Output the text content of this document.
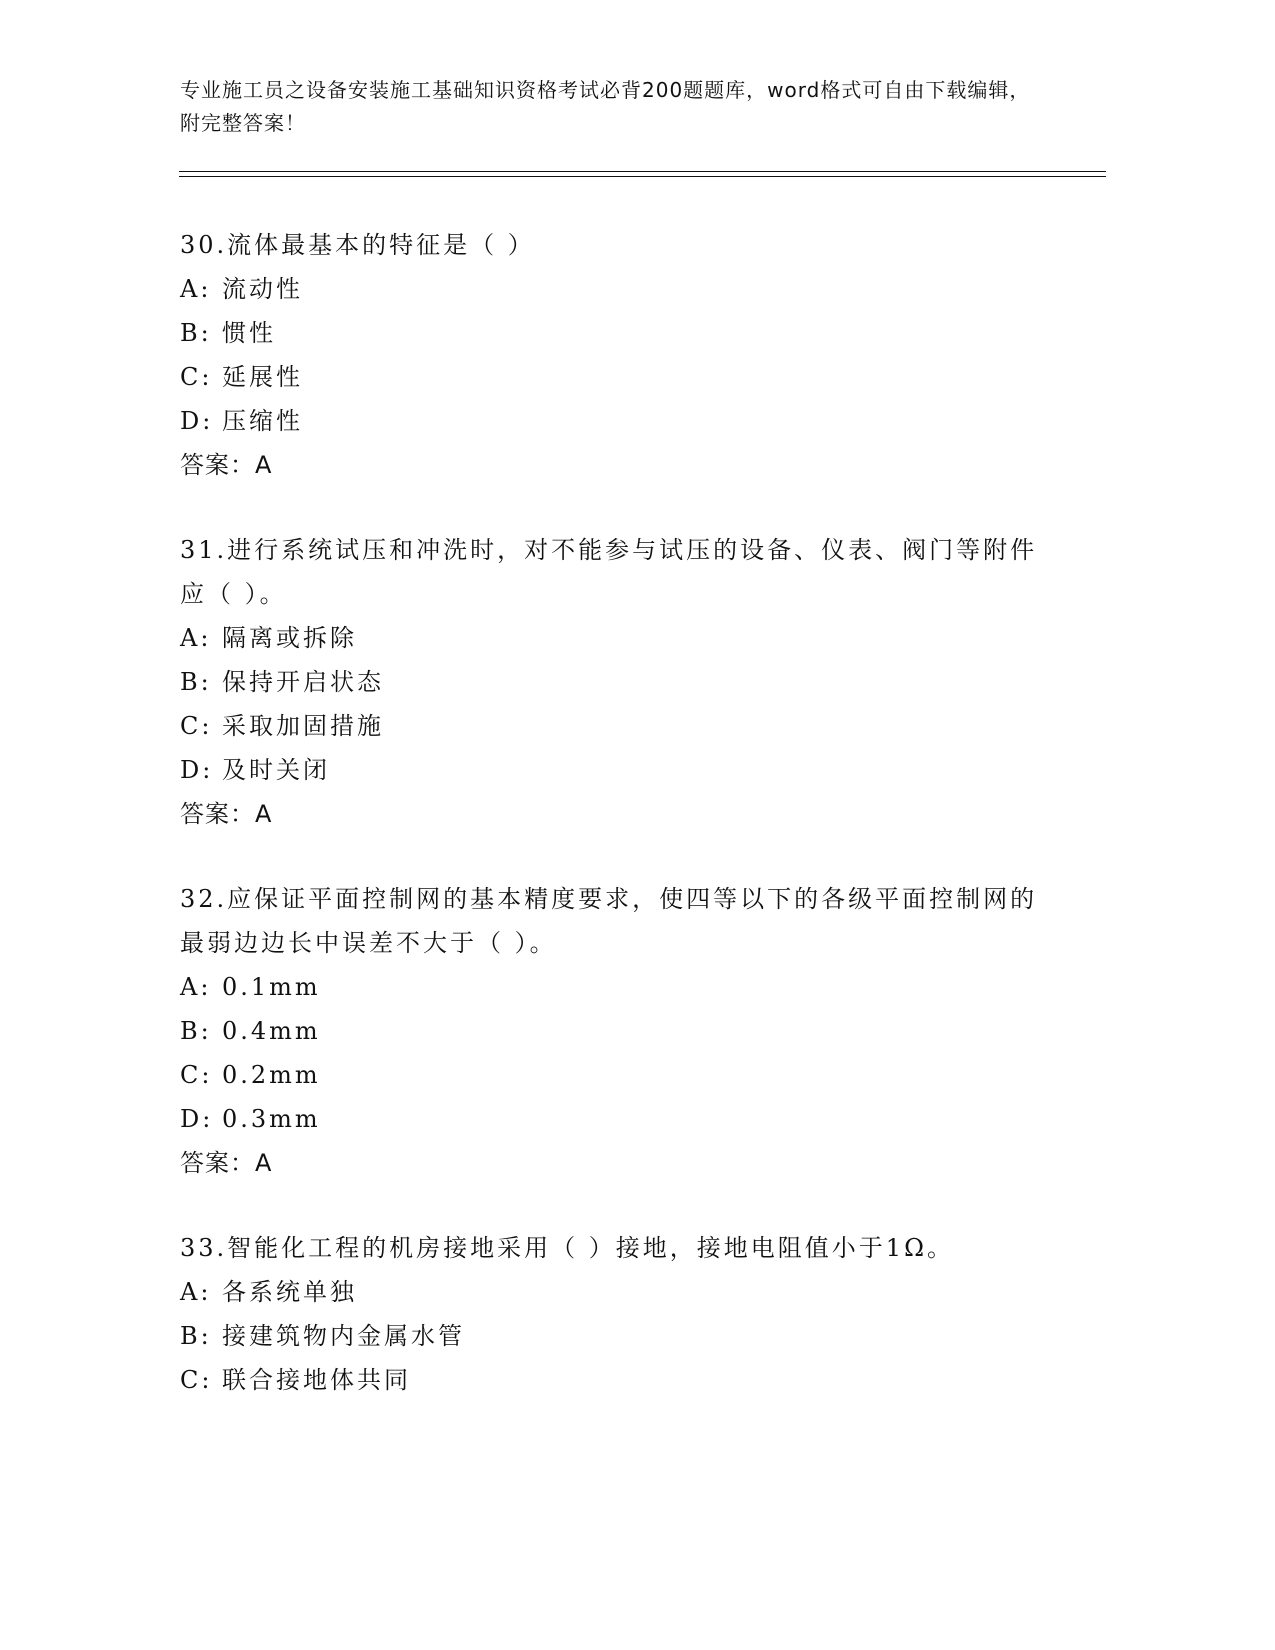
专业施工员之设备安装施工基础知识资格考试必背200题题库，word格式可自由下载编辑，附完整答案！

30.流体最基本的特征是（ ）

A: 流动性
B: 惯性
C: 延展性
D: 压缩性
答案：A

31.进行系统试压和冲洗时，对不能参与试压的设备、仪表、阀门等附件应（ ）。

A: 隔离或拆除
B: 保持开启状态
C: 采取加固措施
D: 及时关闭
答案：A

32.应保证平面控制网的基本精度要求，使四等以下的各级平面控制网的最弱边边长中误差不大于（ ）。

A: 0.1mm
B: 0.4mm
C: 0.2mm
D: 0.3mm
答案：A

33.智能化工程的机房接地采用（ ）接地，接地电阻值小于1Ω。

A: 各系统单独
B: 接建筑物内金属水管
C: 联合接地体共同
